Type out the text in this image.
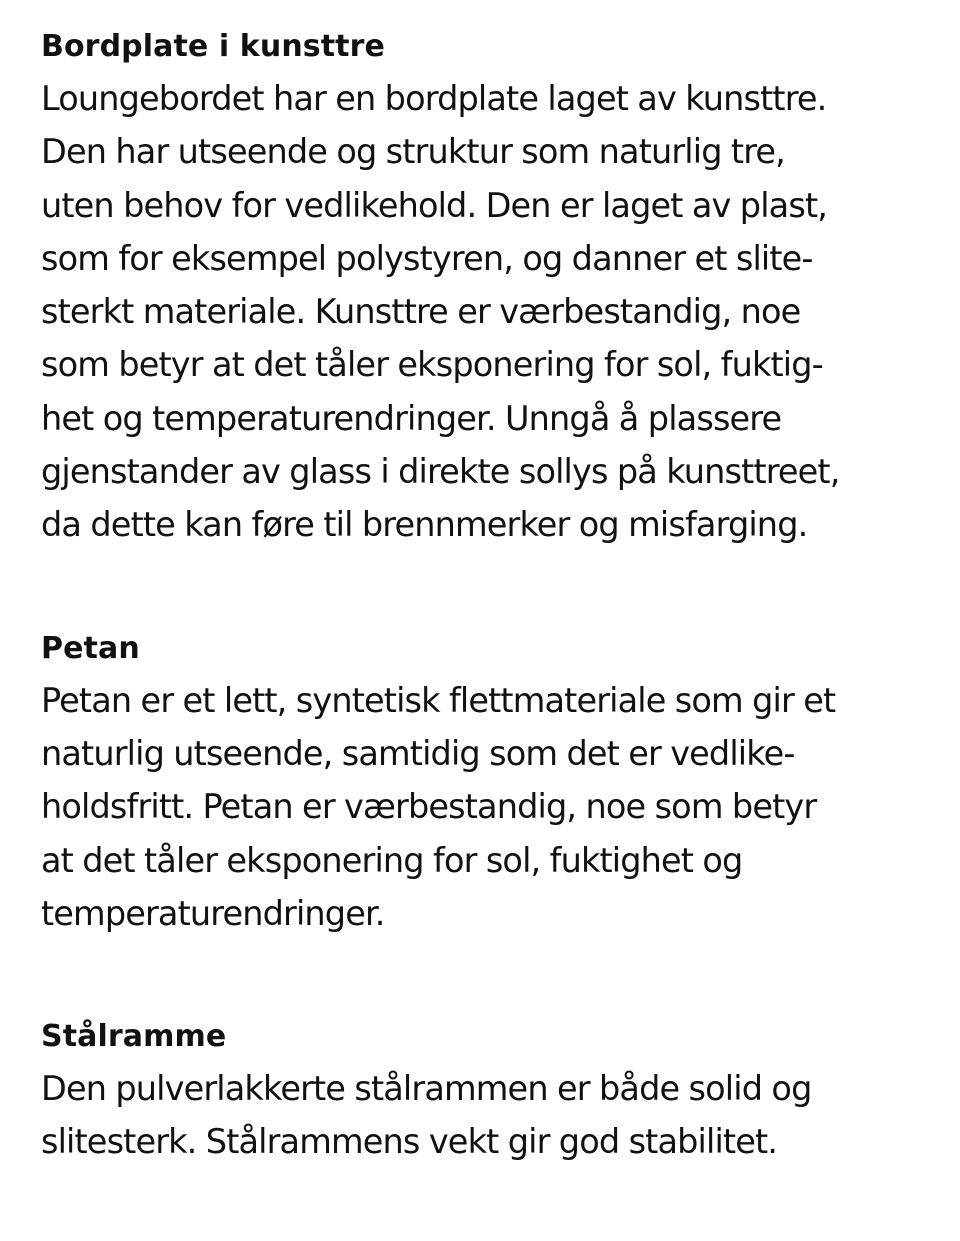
Bordplate i kunsttre
Loungebordet har en bordplate laget av kunsttre.
Den har utseende og struktur som naturlig tre,
uten behov for vedlikehold. Den er laget av plast,
som for eksempel polystyren, og danner et slite-
sterkt materiale. Kunsttre er værbestandig, noe
som betyr at det tåler eksponering for sol, fuktig-
het og temperaturendringer. Unngå å plassere
gjenstander av glass i direkte sollys på kunsttreet,
da dette kan føre til brennmerker og misfarging.
Petan
Petan er et lett, syntetisk flettmateriale som gir et
naturlig utseende, samtidig som det er vedlike-
holdsfritt. Petan er værbestandig, noe som betyr
at det tåler eksponering for sol, fuktighet og
temperaturendringer.
Stålramme
Den pulverlakkerte stålrammen er både solid og
slitesterk. Stålrammens vekt gir god stabilitet.
